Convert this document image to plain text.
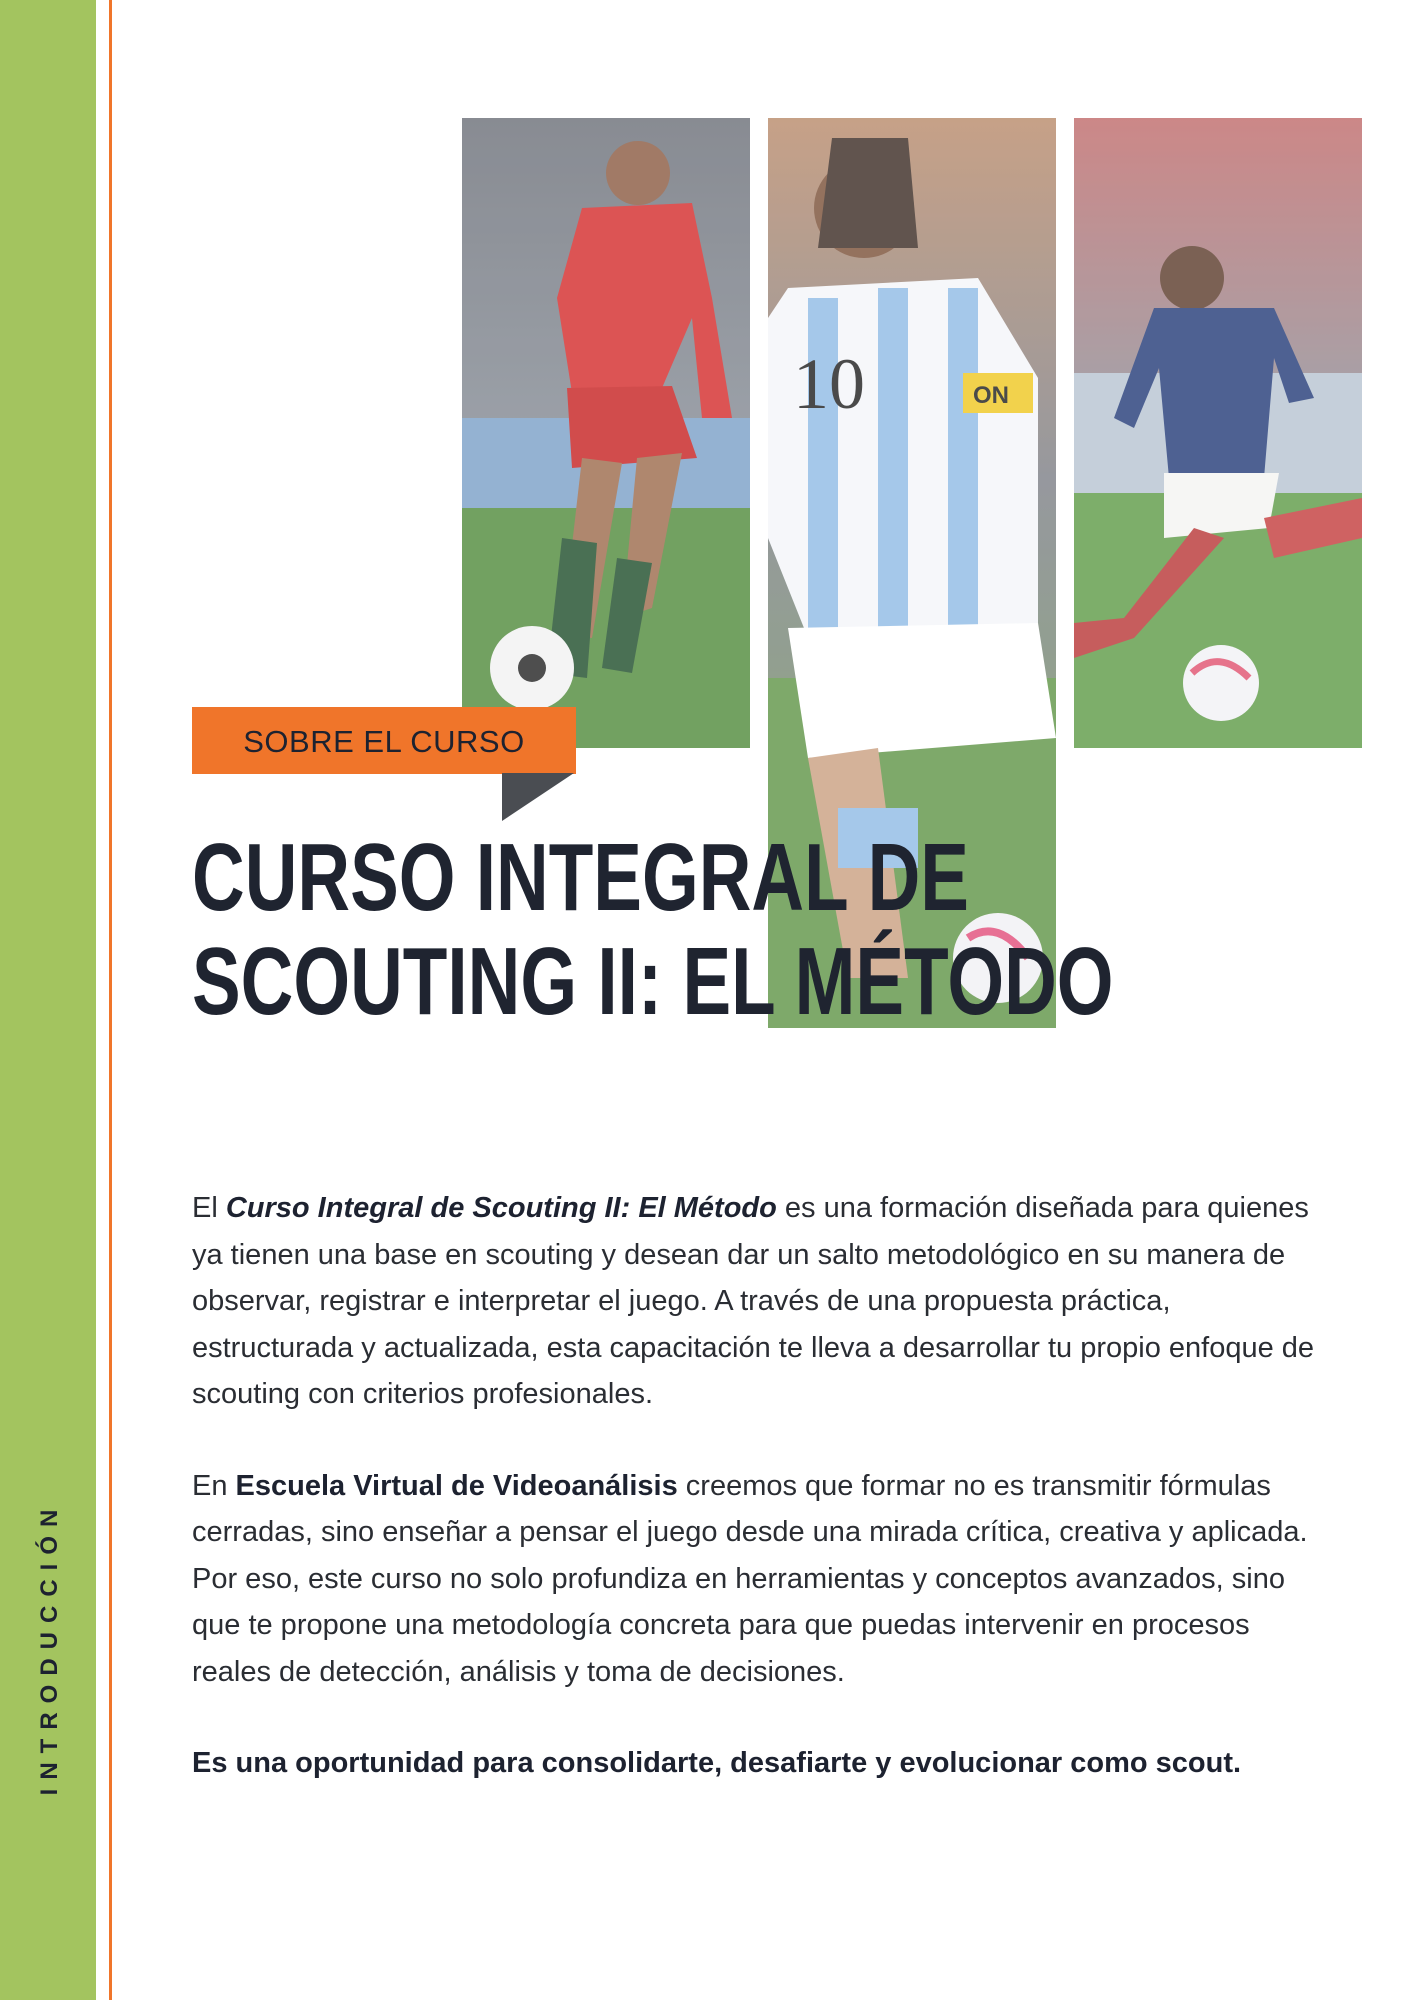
INTRODUCCIÓN
ON
10
SOBRE EL CURSO
CURSO INTEGRAL DE
SCOUTING II: EL MÉTODO

El Curso Integral de Scouting II: El Método es una formación diseñada para quienes ya tienen una base en scouting y desean dar un salto metodológico en su manera de observar, registrar e interpretar el juego. A través de una propuesta práctica, estructurada y actualizada, esta capacitación te lleva a desarrollar tu propio enfoque de scouting con criterios profesionales.

En Escuela Virtual de Videoanálisis creemos que formar no es transmitir fórmulas cerradas, sino enseñar a pensar el juego desde una mirada crítica, creativa y aplicada. Por eso, este curso no solo profundiza en herramientas y conceptos avanzados, sino que te propone una metodología concreta para que puedas intervenir en procesos reales de detección, análisis y toma de decisiones.

Es una oportunidad para consolidarte, desafiarte y evolucionar como scout.
